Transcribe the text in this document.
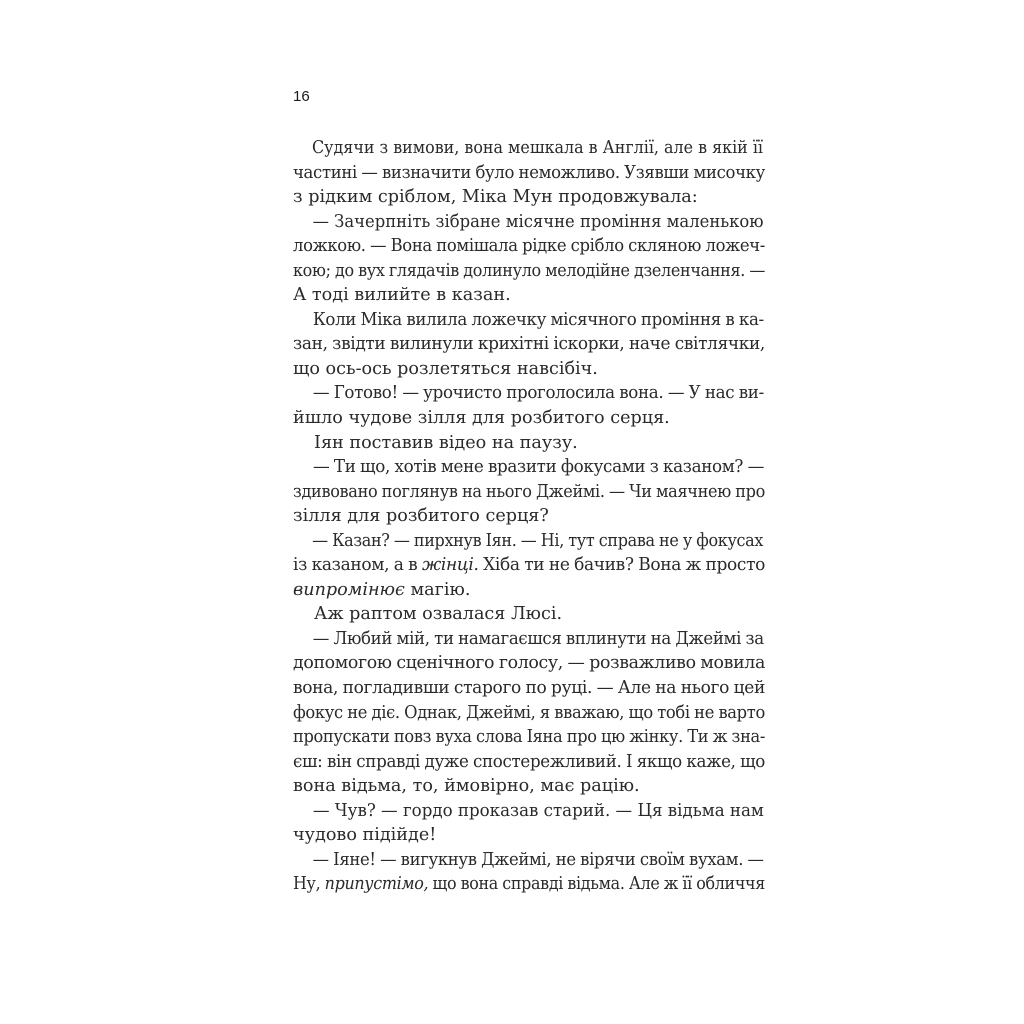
16
Судячи з вимови, вона мешкала в Англії, але в якій її
частині — визначити було неможливо. Узявши мисочку
з рідким сріблом, Міка Мун продовжувала:
— Зачерпніть зібране місячне проміння маленькою
ложкою. — Вона помішала рідке срібло скляною ложеч-
кою; до вух глядачів долинуло мелодійне дзеленчання. —
А тоді вилийте в казан.
Коли Міка вилила ложечку місячного проміння в ка-
зан, звідти вилинули крихітні іскорки, наче світлячки,
що ось-ось розлетяться навсібіч.
— Готово! — урочисто проголосила вона. — У нас ви-
йшло чудове зілля для розбитого серця.
Іян поставив відео на паузу.
— Ти що, хотів мене вразити фокусами з казаном? —
здивовано поглянув на нього Джеймі. — Чи маячнею про
зілля для розбитого серця?
— Казан? — пирхнув Іян. — Ні, тут справа не у фокусах
із казаном, а в жінці. Хіба ти не бачив? Вона ж просто
випромінює магію.
Аж раптом озвалася Люсі.
— Любий мій, ти намагаєшся вплинути на Джеймі за
допомогою сценічного голосу, — розважливо мовила
вона, погладивши старого по руці. — Але на нього цей
фокус не діє. Однак, Джеймі, я вважаю, що тобі не варто
пропускати повз вуха слова Іяна про цю жінку. Ти ж зна-
єш: він справді дуже спостережливий. І якщо каже, що
вона відьма, то, ймовірно, має рацію.
— Чув? — гордо проказав старий. — Ця відьма нам
чудово підійде!
— Іяне! — вигукнув Джеймі, не вірячи своїм вухам. —
Ну, припустімо, що вона справді відьма. Але ж її обличчя
